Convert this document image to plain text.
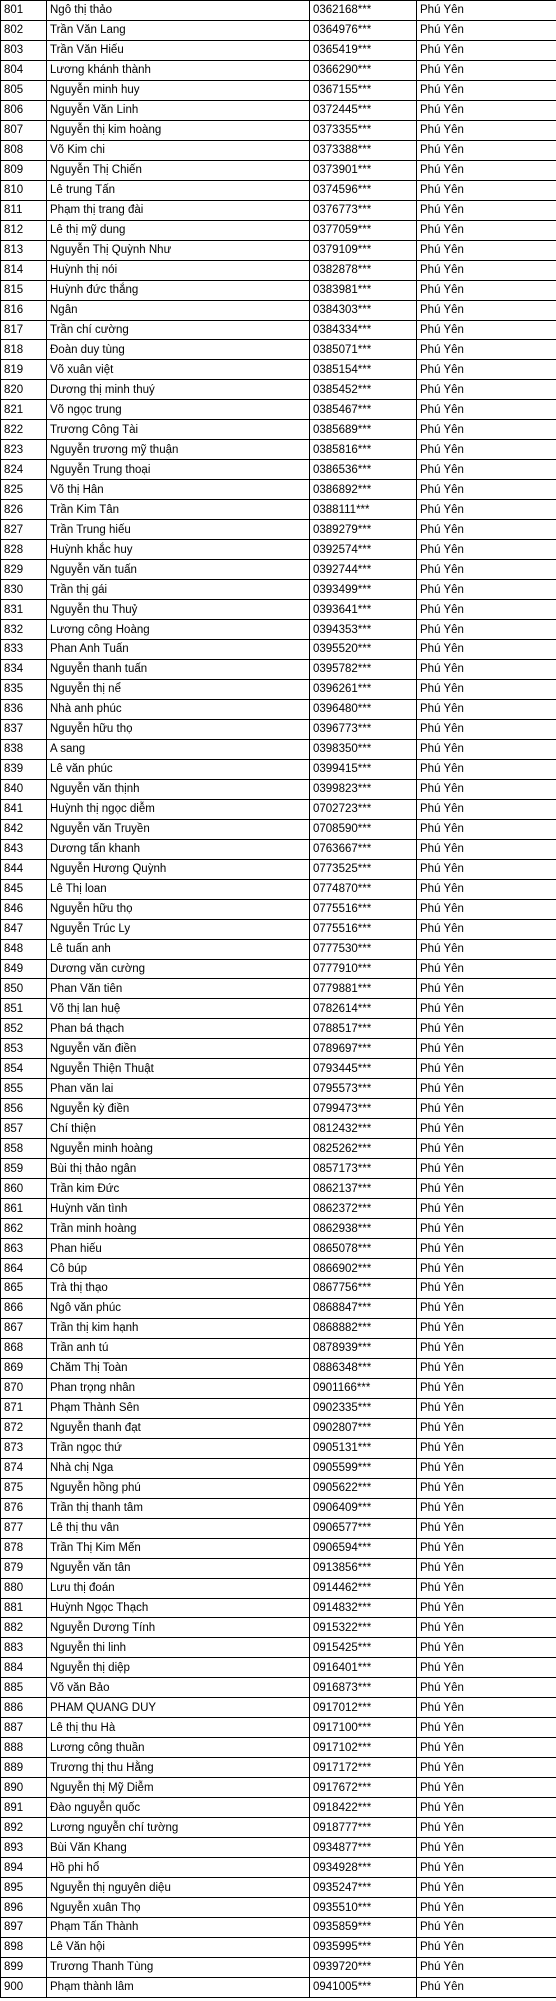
801	Ngô thị thảo	0362168***	Phú Yên
802	Trần Văn Lang	0364976***	Phú Yên
803	Trần Văn Hiếu	0365419***	Phú Yên
804	Lương khánh thành	0366290***	Phú Yên
805	Nguyễn minh huy	0367155***	Phú Yên
806	Nguyễn Văn Linh	0372445***	Phú Yên
807	Nguyễn thị kim hoàng	0373355***	Phú Yên
808	Võ Kim chi	0373388***	Phú Yên
809	Nguyễn Thị Chiến	0373901***	Phú Yên
810	Lê trung Tấn	0374596***	Phú Yên
811	Phạm thị trang đài	0376773***	Phú Yên
812	Lê thị mỹ dung	0377059***	Phú Yên
813	Nguyễn Thị Quỳnh Như	0379109***	Phú Yên
814	Huỳnh thị nói	0382878***	Phú Yên
815	Huỳnh đức thắng	0383981***	Phú Yên
816	Ngân	0384303***	Phú Yên
817	Trần chí cường	0384334***	Phú Yên
818	Đoàn duy tùng	0385071***	Phú Yên
819	Võ xuân việt	0385154***	Phú Yên
820	Dương thị minh thuý	0385452***	Phú Yên
821	Võ ngọc trung	0385467***	Phú Yên
822	Trương Công Tài	0385689***	Phú Yên
823	Nguyễn trương mỹ thuận	0385816***	Phú Yên
824	Nguyễn Trung thoại	0386536***	Phú Yên
825	Võ thị Hân	0386892***	Phú Yên
826	Trần Kim Tân	0388111***	Phú Yên
827	Trần Trung hiếu	0389279***	Phú Yên
828	Huỳnh khắc huy	0392574***	Phú Yên
829	Nguyễn văn tuấn	0392744***	Phú Yên
830	Trần thị gái	0393499***	Phú Yên
831	Nguyễn thu Thuỷ	0393641***	Phú Yên
832	Lương công Hoàng	0394353***	Phú Yên
833	Phan Anh Tuấn	0395520***	Phú Yên
834	Nguyễn thanh tuấn	0395782***	Phú Yên
835	Nguyễn thị nể	0396261***	Phú Yên
836	Nhà anh phúc	0396480***	Phú Yên
837	Nguyễn hữu thọ	0396773***	Phú Yên
838	A sang	0398350***	Phú Yên
839	Lê văn phúc	0399415***	Phú Yên
840	Nguyễn văn thịnh	0399823***	Phú Yên
841	Huỳnh thị ngọc diễm	0702723***	Phú Yên
842	Nguyễn văn Truyền	0708590***	Phú Yên
843	Dương tấn khanh	0763667***	Phú Yên
844	Nguyễn Hương Quỳnh	0773525***	Phú Yên
845	Lê Thị loan	0774870***	Phú Yên
846	Nguyễn hữu thọ	0775516***	Phú Yên
847	Nguyễn Trúc Ly	0775516***	Phú Yên
848	Lê tuấn anh	0777530***	Phú Yên
849	Dương văn cường	0777910***	Phú Yên
850	Phan Văn tiên	0779881***	Phú Yên
851	Võ thị lan huệ	0782614***	Phú Yên
852	Phan bá thạch	0788517***	Phú Yên
853	Nguyễn văn điền	0789697***	Phú Yên
854	Nguyễn Thiện Thuật	0793445***	Phú Yên
855	Phan văn lai	0795573***	Phú Yên
856	Nguyễn kỳ điền	0799473***	Phú Yên
857	Chí thiện	0812432***	Phú Yên
858	Nguyễn minh hoàng	0825262***	Phú Yên
859	Bùi thị thảo ngân	0857173***	Phú Yên
860	Trần kim Đức	0862137***	Phú Yên
861	Huỳnh văn tình	0862372***	Phú Yên
862	Trần minh hoàng	0862938***	Phú Yên
863	Phan hiếu	0865078***	Phú Yên
864	Cô búp	0866902***	Phú Yên
865	Trà thị thạo	0867756***	Phú Yên
866	Ngô văn phúc	0868847***	Phú Yên
867	Trần thị kim hạnh	0868882***	Phú Yên
868	Trần anh tú	0878939***	Phú Yên
869	Chăm Thị Toàn	0886348***	Phú Yên
870	Phan trọng nhân	0901166***	Phú Yên
871	Phạm Thành Sên	0902335***	Phú Yên
872	Nguyễn thanh đạt	0902807***	Phú Yên
873	Trần ngọc thứ	0905131***	Phú Yên
874	Nhà chị Nga	0905599***	Phú Yên
875	Nguyễn hồng phú	0905622***	Phú Yên
876	Trần thị thanh tâm	0906409***	Phú Yên
877	Lê thị thu vân	0906577***	Phú Yên
878	Trần Thị Kim Mến	0906594***	Phú Yên
879	Nguyễn văn tân	0913856***	Phú Yên
880	Lưu thị đoán	0914462***	Phú Yên
881	Huỳnh Ngọc Thạch	0914832***	Phú Yên
882	Nguyễn Dương Tính	0915322***	Phú Yên
883	Nguyễn thi linh	0915425***	Phú Yên
884	Nguyễn thị diệp	0916401***	Phú Yên
885	Võ văn Bảo	0916873***	Phú Yên
886	PHAM QUANG DUY	0917012***	Phú Yên
887	Lê thị thu Hà	0917100***	Phú Yên
888	Lương công thuần	0917102***	Phú Yên
889	Trương thị thu Hằng	0917172***	Phú Yên
890	Nguyễn thị Mỹ Diễm	0917672***	Phú Yên
891	Đào nguyễn quốc	0918422***	Phú Yên
892	Lương nguyễn chí tường	0918777***	Phú Yên
893	Bùi Văn Khang	0934877***	Phú Yên
894	Hồ phi hổ	0934928***	Phú Yên
895	Nguyễn thị nguyên diệu	0935247***	Phú Yên
896	Nguyễn xuân Thọ	0935510***	Phú Yên
897	Phạm Tấn Thành	0935859***	Phú Yên
898	Lê Văn hội	0935995***	Phú Yên
899	Trương Thanh Tùng	0939720***	Phú Yên
900	Phạm thành lâm	0941005***	Phú Yên
